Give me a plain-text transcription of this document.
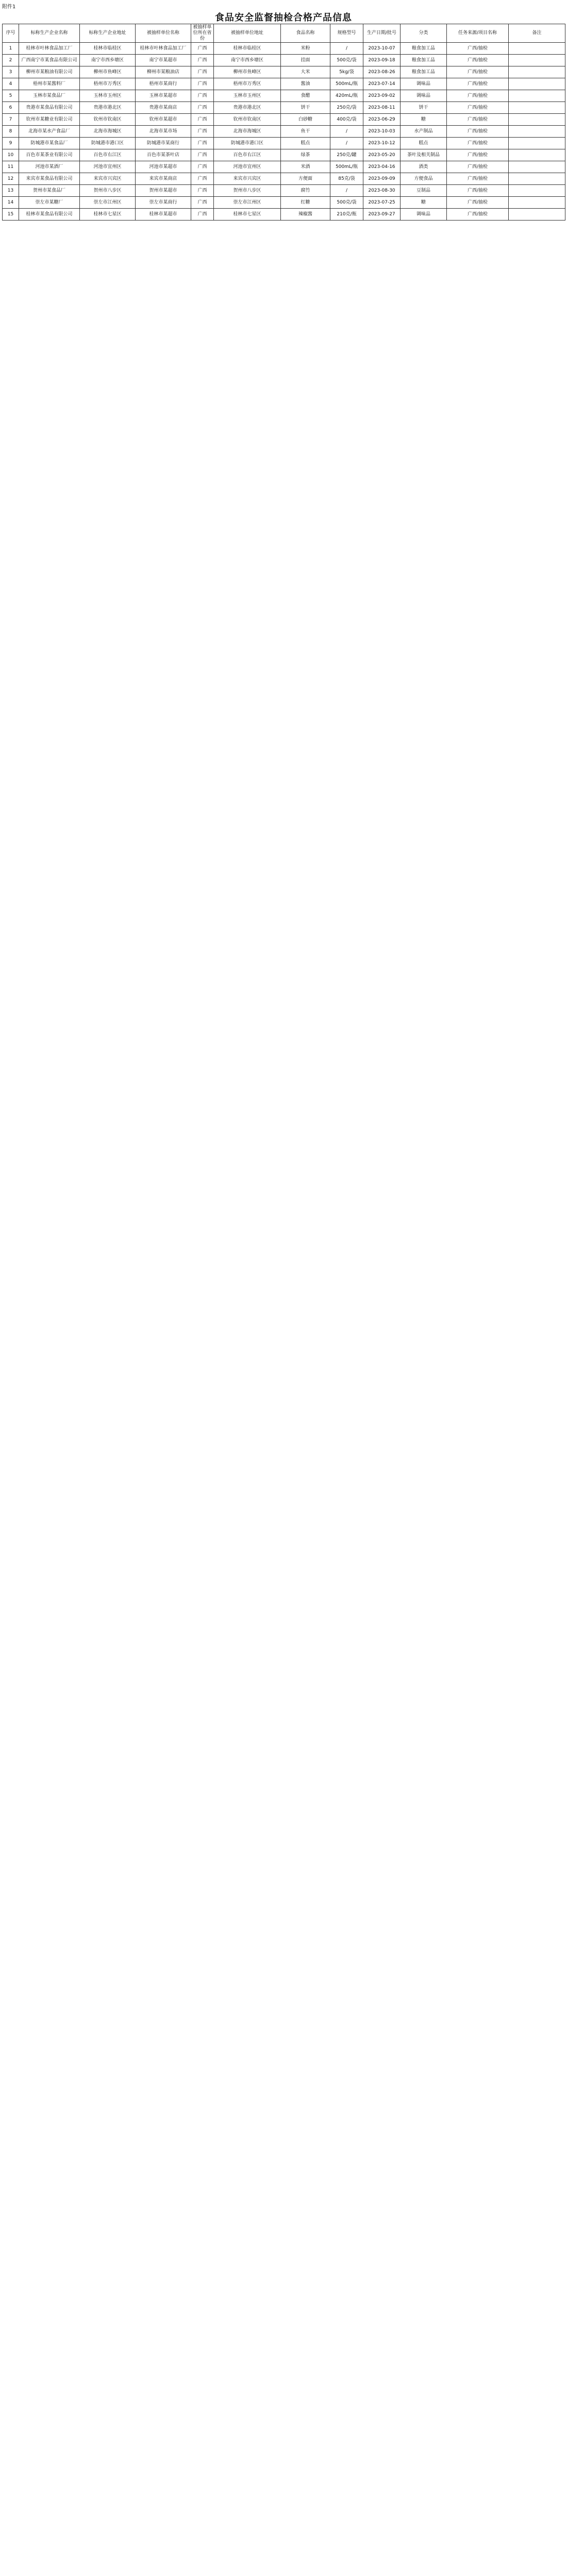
附件1
食品安全监督抽检合格产品信息
序号	标称生产企业名称	标称生产企业地址	被抽样单位名称	被抽样单位所在省份	被抽样单位地址	食品名称	规格型号	生产日期/批号	分类	任务来源/项目名称	备注
1	桂林市叶林食品加工厂	桂林市临桂区	桂林市叶林食品加工厂	广西	桂林市临桂区	米粉	/	2023-10-07	粮食加工品	广西/抽检	
2	广西南宁市某食品有限公司	南宁市西乡塘区	南宁市某超市	广西	南宁市西乡塘区	挂面	500克/袋	2023-09-18	粮食加工品	广西/抽检	
3	柳州市某粮油有限公司	柳州市鱼峰区	柳州市某粮油店	广西	柳州市鱼峰区	大米	5kg/袋	2023-08-26	粮食加工品	广西/抽检	
4	梧州市某酱料厂	梧州市万秀区	梧州市某商行	广西	梧州市万秀区	酱油	500mL/瓶	2023-07-14	调味品	广西/抽检	
5	玉林市某食品厂	玉林市玉州区	玉林市某超市	广西	玉林市玉州区	食醋	420mL/瓶	2023-09-02	调味品	广西/抽检	
6	贵港市某食品有限公司	贵港市港北区	贵港市某商店	广西	贵港市港北区	饼干	250克/袋	2023-08-11	饼干	广西/抽检	
7	钦州市某糖业有限公司	钦州市钦南区	钦州市某超市	广西	钦州市钦南区	白砂糖	400克/袋	2023-06-29	糖	广西/抽检	
8	北海市某水产食品厂	北海市海城区	北海市某市场	广西	北海市海城区	鱼干	/	2023-10-03	水产制品	广西/抽检	
9	防城港市某食品厂	防城港市港口区	防城港市某商行	广西	防城港市港口区	糕点	/	2023-10-12	糕点	广西/抽检	
10	百色市某茶业有限公司	百色市右江区	百色市某茶叶店	广西	百色市右江区	绿茶	250克/罐	2023-05-20	茶叶及相关制品	广西/抽检	
11	河池市某酒厂	河池市宜州区	河池市某超市	广西	河池市宜州区	米酒	500mL/瓶	2023-04-16	酒类	广西/抽检	
12	来宾市某食品有限公司	来宾市兴宾区	来宾市某商店	广西	来宾市兴宾区	方便面	85克/袋	2023-09-09	方便食品	广西/抽检	
13	贺州市某食品厂	贺州市八步区	贺州市某超市	广西	贺州市八步区	腐竹	/	2023-08-30	豆制品	广西/抽检	
14	崇左市某糖厂	崇左市江州区	崇左市某商行	广西	崇左市江州区	红糖	500克/袋	2023-07-25	糖	广西/抽检	
15	桂林市某食品有限公司	桂林市七星区	桂林市某超市	广西	桂林市七星区	辣椒酱	210克/瓶	2023-09-27	调味品	广西/抽检	
